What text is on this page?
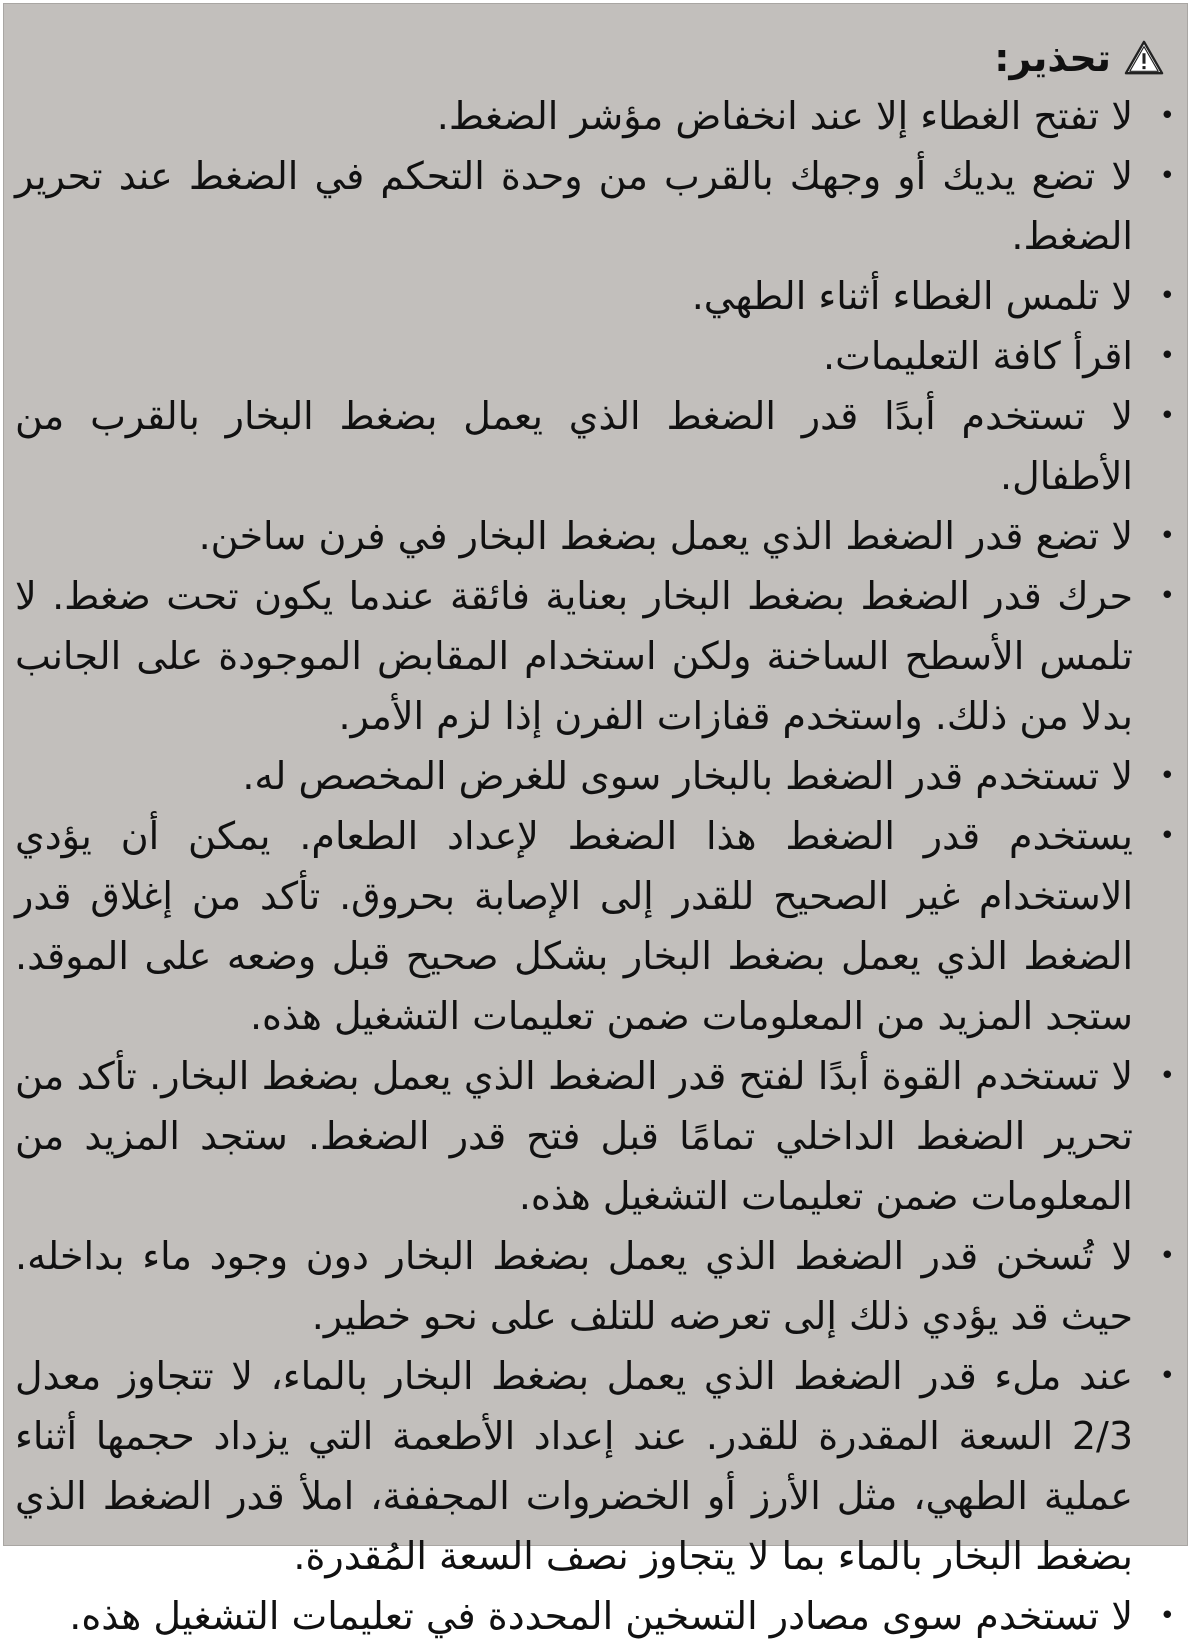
تحذير:
•
لا تفتح الغطاء إلا عند انخفاض مؤشر الضغط.
•
لا تضع يديك أو وجهك بالقرب من وحدة التحكم في الضغط عند تحرير الضغط.
•
لا تلمس الغطاء أثناء الطهي.
•
اقرأ كافة التعليمات.
•
لا تستخدم أبدًا قدر الضغط الذي يعمل بضغط البخار بالقرب من الأطفال.
•
لا تضع قدر الضغط الذي يعمل بضغط البخار في فرن ساخن.
•
حرك قدر الضغط بضغط البخار بعناية فائقة عندما يكون تحت ضغط. لا تلمس الأسطح الساخنة ولكن استخدام المقابض الموجودة على الجانب بدلا من ذلك. واستخدم قفازات الفرن إذا لزم الأمر.
•
لا تستخدم قدر الضغط بالبخار سوى للغرض المخصص له.
•
يستخدم قدر الضغط هذا الضغط لإعداد الطعام. يمكن أن يؤدي الاستخدام غير الصحيح للقدر إلى الإصابة بحروق. تأكد من إغلاق قدر الضغط الذي يعمل بضغط البخار بشكل صحيح قبل وضعه على الموقد. ستجد المزيد من المعلومات ضمن تعليمات التشغيل هذه.
•
لا تستخدم القوة أبدًا لفتح قدر الضغط الذي يعمل بضغط البخار. تأكد من تحرير الضغط الداخلي تمامًا قبل فتح قدر الضغط. ستجد المزيد من المعلومات ضمن تعليمات التشغيل هذه.
•
لا تُسخن قدر الضغط الذي يعمل بضغط البخار دون وجود ماء بداخله. حيث قد يؤدي ذلك إلى تعرضه للتلف على نحو خطير.
•
عند ملء قدر الضغط الذي يعمل بضغط البخار بالماء، لا تتجاوز معدل 2/3 السعة المقدرة للقدر. عند إعداد الأطعمة التي يزداد حجمها أثناء عملية الطهي، مثل الأرز أو الخضروات المجففة، املأ قدر الضغط الذي بضغط البخار بالماء بما لا يتجاوز نصف السعة المُقدرة.
•
لا تستخدم سوى مصادر التسخين المحددة في تعليمات التشغيل هذه.
